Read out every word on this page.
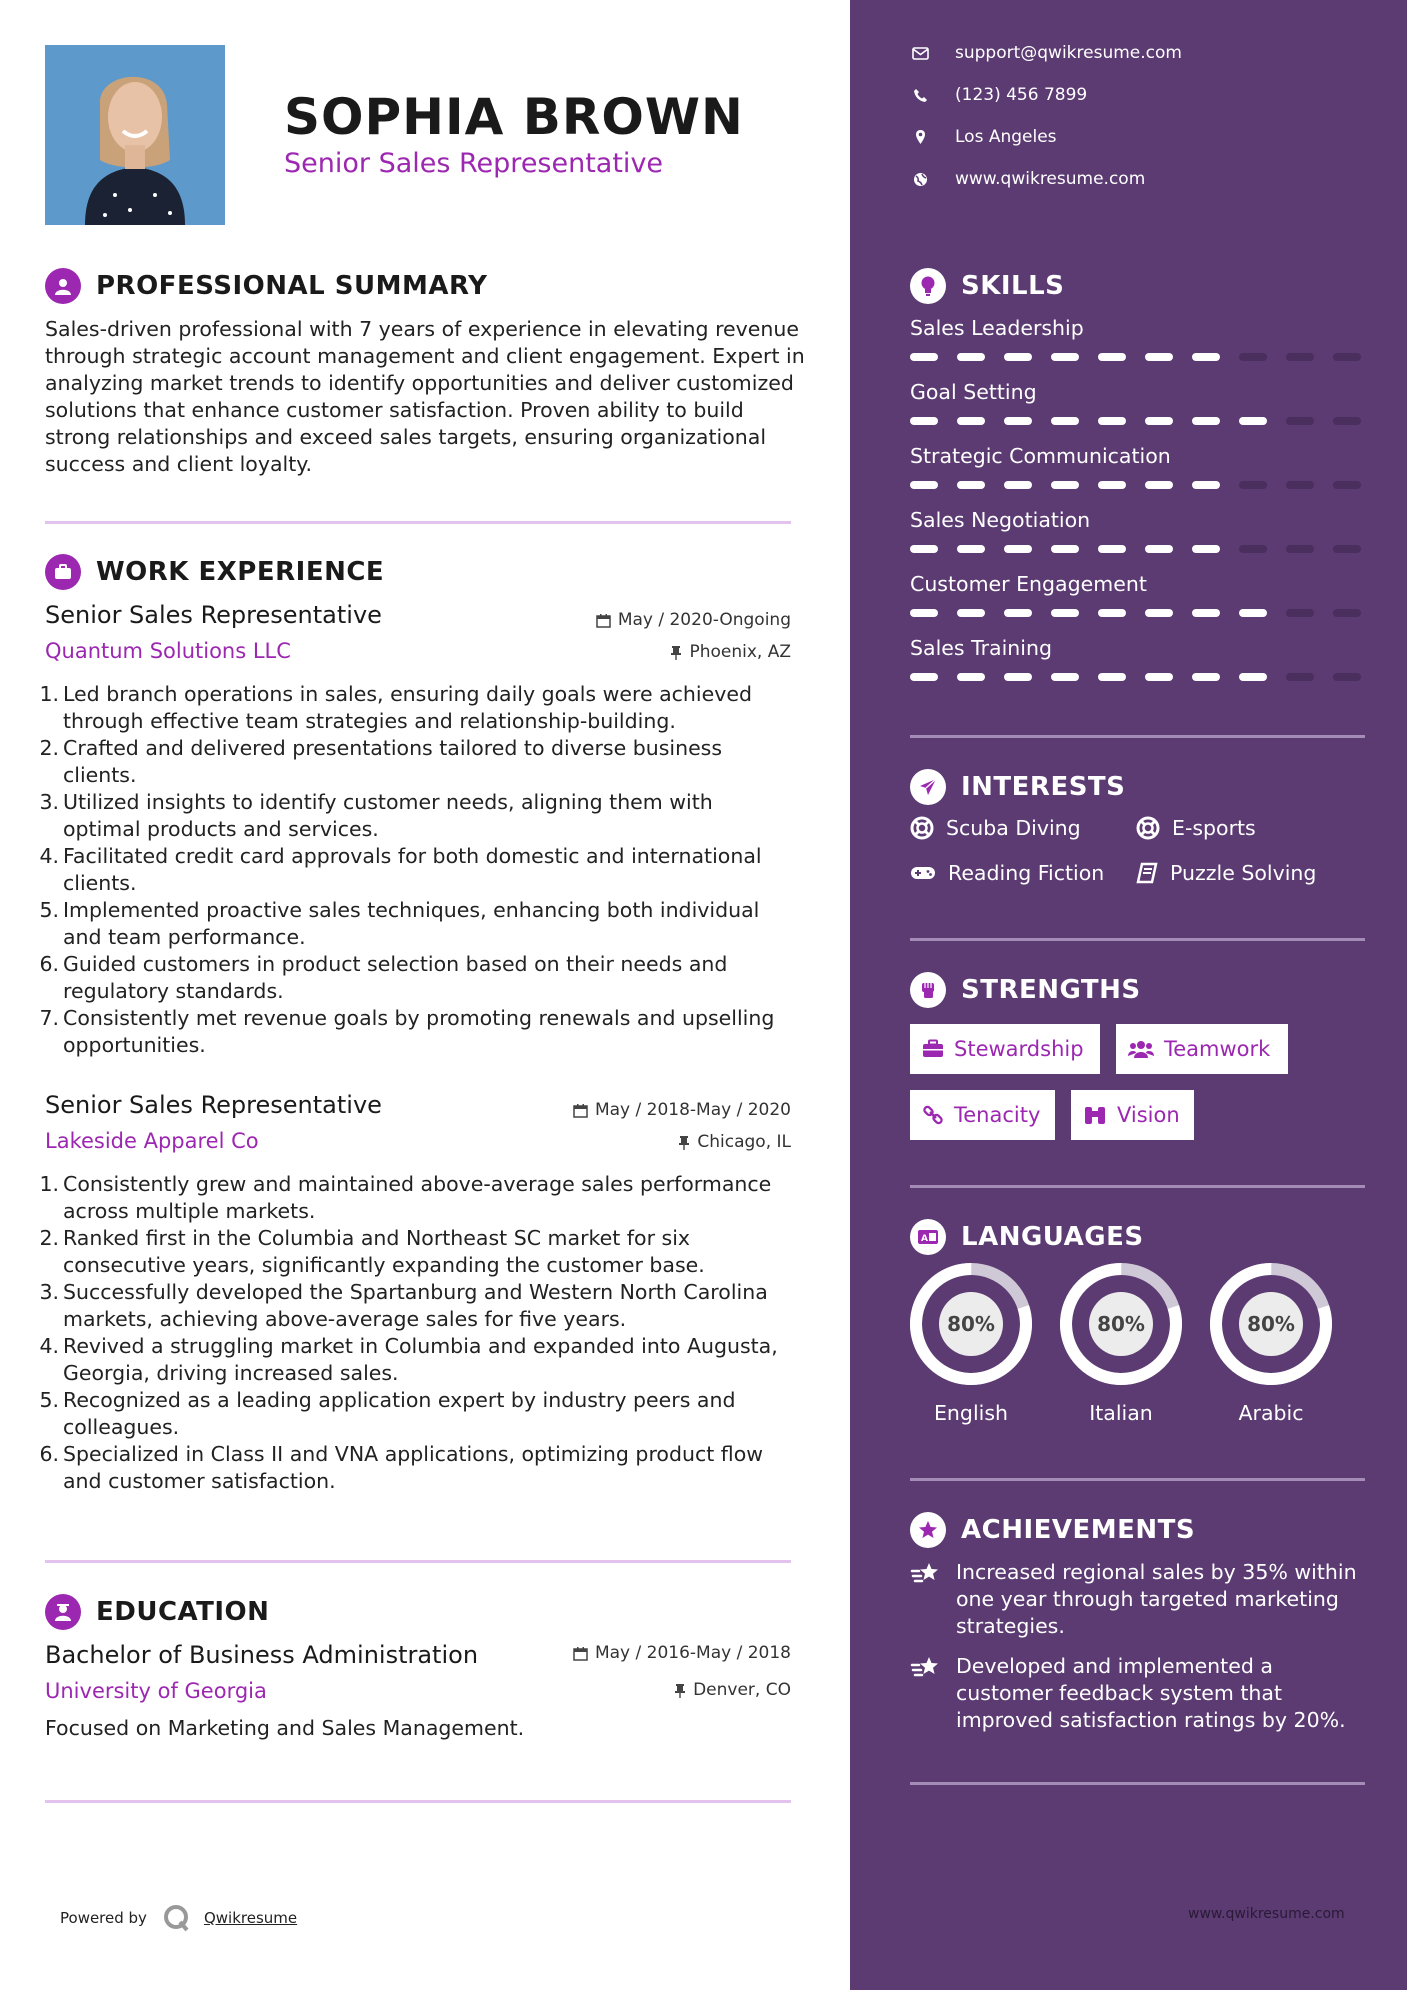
SOPHIA BROWN
Senior Sales Representative
PROFESSIONAL SUMMARY
Sales-driven professional with 7 years of experience in elevating revenue through strategic account management and client engagement. Expert in analyzing market trends to identify opportunities and deliver customized solutions that enhance customer satisfaction. Proven ability to build strong relationships and exceed sales targets, ensuring organizational success and client loyalty.
WORK EXPERIENCE
Senior Sales Representative	May / 2020-Ongoing
Quantum Solutions LLC	Phoenix, AZ
1. Led branch operations in sales, ensuring daily goals were achieved through effective team strategies and relationship-building.
2. Crafted and delivered presentations tailored to diverse business clients.
3. Utilized insights to identify customer needs, aligning them with optimal products and services.
4. Facilitated credit card approvals for both domestic and international clients.
5. Implemented proactive sales techniques, enhancing both individual and team performance.
6. Guided customers in product selection based on their needs and regulatory standards.
7. Consistently met revenue goals by promoting renewals and upselling opportunities.
Senior Sales Representative	May / 2018-May / 2020
Lakeside Apparel Co	Chicago, IL
1. Consistently grew and maintained above-average sales performance across multiple markets.
2. Ranked first in the Columbia and Northeast SC market for six consecutive years, significantly expanding the customer base.
3. Successfully developed the Spartanburg and Western North Carolina markets, achieving above-average sales for five years.
4. Revived a struggling market in Columbia and expanded into Augusta, Georgia, driving increased sales.
5. Recognized as a leading application expert by industry peers and colleagues.
6. Specialized in Class II and VNA applications, optimizing product flow and customer satisfaction.
EDUCATION
Bachelor of Business Administration	May / 2016-May / 2018
University of Georgia	Denver, CO
Focused on Marketing and Sales Management.
Powered by	Qwikresume
support@qwikresume.com
(123) 456 7899
Los Angeles
www.qwikresume.com
SKILLS
Sales Leadership
Goal Setting
Strategic Communication
Sales Negotiation
Customer Engagement
Sales Training
INTERESTS
Scuba Diving	E-sports
Reading Fiction	Puzzle Solving
STRENGTHS
Stewardship	Teamwork
Tenacity	Vision
A LANGUAGES
80%
English
80%
Italian
80%
Arabic
ACHIEVEMENTS
Increased regional sales by 35% within one year through targeted marketing strategies.
Developed and implemented a customer feedback system that improved satisfaction ratings by 20%.
www.qwikresume.com
